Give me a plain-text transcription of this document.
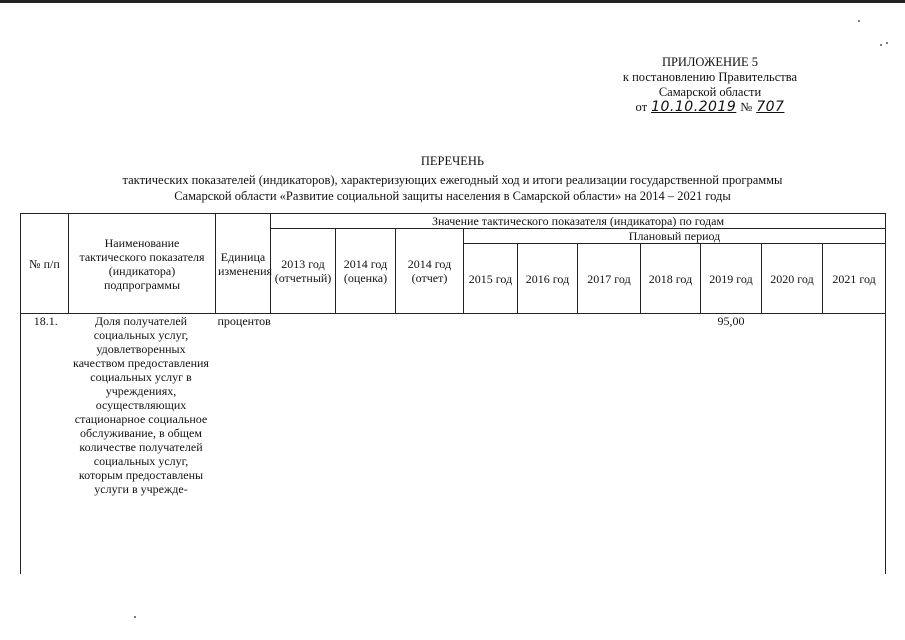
ПРИЛОЖЕНИЕ 5
к постановлению Правительства
Самарской области
от 10.10.2019 № 707
ПЕРЕЧЕНЬ
тактических показателей (индикаторов), характеризующих ежегодный ход и итоги реализации государственной программы
Самарской области «Развитие социальной защиты населения в Самарской области» на 2014 – 2021 годы
№ п/п	Наименование тактического показателя (индикатора) подпрограммы	Единица изменения	Значение тактического показателя (индикатора) по годам									
			2013 год (отчетный)	2014 год (оценка)	2014 год (отчет)	Плановый период						
						2015 год	2016 год	2017 год	2018 год	2019 год	2020 год	2021 год
18.1.	Доля получателей социальных услуг, удовлетворенных качеством предоставления социальных услуг в учреждениях, осуществляющих стационарное социальное обслуживание, в общем количестве получателей социальных услуг, которым предоставлены услуги в учрежде-	процентов								95,00		
